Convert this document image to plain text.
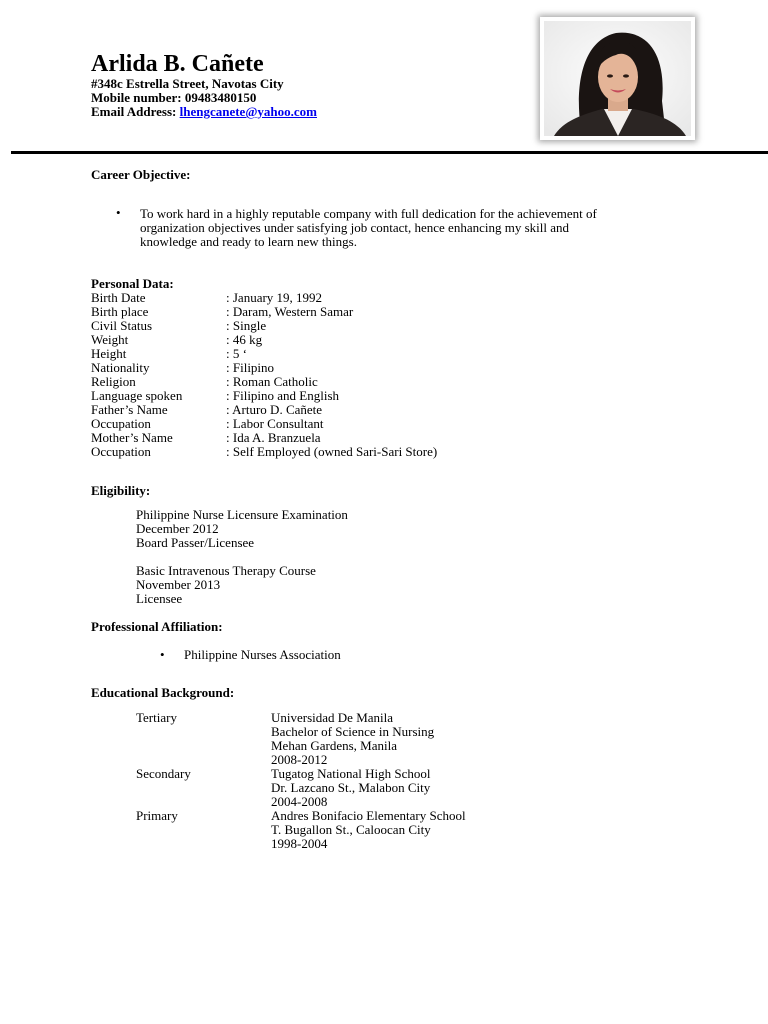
Arlida B. Cañete
#348c Estrella Street, Navotas City
Mobile number: 09483480150
Email Address: lhengcanete@yahoo.com
Career Objective:
• To work hard in a highly reputable company with full dedication for the achievement of
organization objectives under satisfying job contact, hence enhancing my skill and
knowledge and ready to learn new things.
Personal Data:
Birth Date	: January 19, 1992
Birth place	: Daram, Western Samar
Civil Status	: Single
Weight	: 46 kg
Height	: 5 ‘
Nationality	: Filipino
Religion	: Roman Catholic
Language spoken	: Filipino and English
Father’s Name	: Arturo D. Cañete
Occupation	: Labor Consultant
Mother’s Name	: Ida A. Branzuela
Occupation	: Self Employed (owned Sari-Sari Store)
Eligibility:
Philippine Nurse Licensure Examination
December 2012
Board Passer/Licensee
Basic Intravenous Therapy Course
November 2013
Licensee
Professional Affiliation:
• Philippine Nurses Association
Educational Background:
Tertiary	Universidad De Manila
Bachelor of Science in Nursing
Mehan Gardens, Manila
2008-2012
Secondary	Tugatog National High School
Dr. Lazcano St., Malabon City
2004-2008
Primary	Andres Bonifacio Elementary School
T. Bugallon St., Caloocan City
1998-2004
